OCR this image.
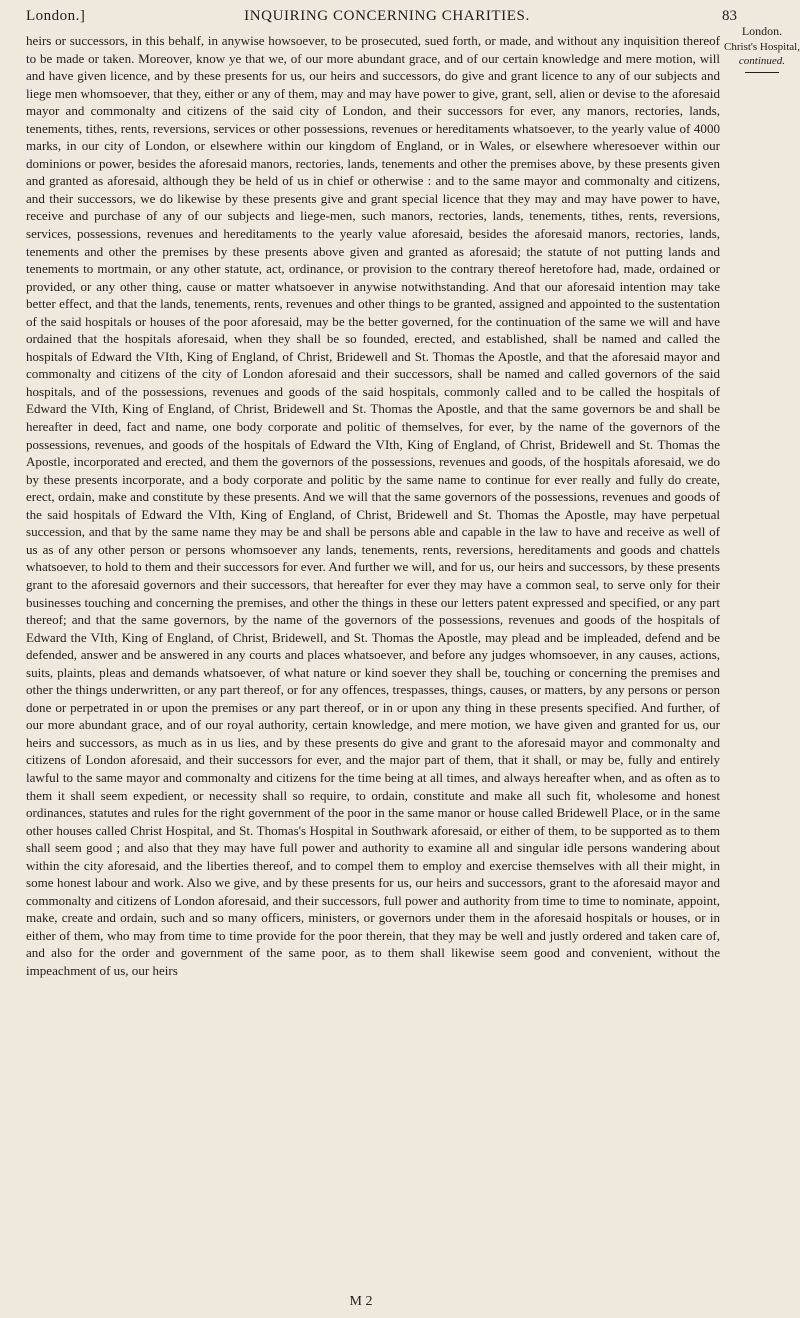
London.]	INQUIRING CONCERNING CHARITIES.	83
London.
Christ's Hospital,
continued.

heirs or successors, in this behalf, in anywise howsoever, to be prosecuted, sued forth, or made, and without any inquisition thereof to be made or taken. Moreover, know ye that we, of our more abundant grace, and of our certain knowledge and mere motion, will and have given licence, and by these presents for us, our heirs and successors, do give and grant licence to any of our subjects and liege men whomsoever, that they, either or any of them, may and may have power to give, grant, sell, alien or devise to the aforesaid mayor and commonalty and citizens of the said city of London, and their successors for ever, any manors, rectories, lands, tenements, tithes, rents, reversions, services or other possessions, revenues or hereditaments whatsoever, to the yearly value of 4000 marks, in our city of London, or elsewhere within our kingdom of England, or in Wales, or elsewhere wheresoever within our dominions or power, besides the aforesaid manors, rectories, lands, tenements and other the premises above, by these presents given and granted as aforesaid, although they be held of us in chief or otherwise : and to the same mayor and commonalty and citizens, and their successors, we do likewise by these presents give and grant special licence that they may and may have power to have, receive and purchase of any of our subjects and liege-men, such manors, rectories, lands, tenements, tithes, rents, reversions, services, possessions, revenues and hereditaments to the yearly value aforesaid, besides the aforesaid manors, rectories, lands, tenements and other the premises by these presents above given and granted as aforesaid; the statute of not putting lands and tenements to mortmain, or any other statute, act, ordinance, or provision to the contrary thereof heretofore had, made, ordained or provided, or any other thing, cause or matter whatsoever in anywise notwithstanding. And that our aforesaid intention may take better effect, and that the lands, tenements, rents, revenues and other things to be granted, assigned and appointed to the sustentation of the said hospitals or houses of the poor aforesaid, may be the better governed, for the continuation of the same we will and have ordained that the hospitals aforesaid, when they shall be so founded, erected, and established, shall be named and called the hospitals of Edward the VIth, King of England, of Christ, Bridewell and St. Thomas the Apostle, and that the aforesaid mayor and commonalty and citizens of the city of London aforesaid and their successors, shall be named and called governors of the said hospitals, and of the possessions, revenues and goods of the said hospitals, commonly called and to be called the hospitals of Edward the VIth, King of England, of Christ, Bridewell and St. Thomas the Apostle, and that the same governors be and shall be hereafter in deed, fact and name, one body corporate and politic of themselves, for ever, by the name of the governors of the possessions, revenues, and goods of the hospitals of Edward the VIth, King of England, of Christ, Bridewell and St. Thomas the Apostle, incorporated and erected, and them the governors of the possessions, revenues and goods, of the hospitals aforesaid, we do by these presents incorporate, and a body corporate and politic by the same name to continue for ever really and fully do create, erect, ordain, make and constitute by these presents. And we will that the same governors of the possessions, revenues and goods of the said hospitals of Edward the VIth, King of England, of Christ, Bridewell and St. Thomas the Apostle, may have perpetual succession, and that by the same name they may be and shall be persons able and capable in the law to have and receive as well of us as of any other person or persons whomsoever any lands, tenements, rents, reversions, hereditaments and goods and chattels whatsoever, to hold to them and their successors for ever. And further we will, and for us, our heirs and successors, by these presents grant to the aforesaid governors and their successors, that hereafter for ever they may have a common seal, to serve only for their businesses touching and concerning the premises, and other the things in these our letters patent expressed and specified, or any part thereof; and that the same governors, by the name of the governors of the possessions, revenues and goods of the hospitals of Edward the VIth, King of England, of Christ, Bridewell, and St. Thomas the Apostle, may plead and be impleaded, defend and be defended, answer and be answered in any courts and places whatsoever, and before any judges whomsoever, in any causes, actions, suits, plaints, pleas and demands whatsoever, of what nature or kind soever they shall be, touching or concerning the premises and other the things underwritten, or any part thereof, or for any offences, trespasses, things, causes, or matters, by any persons or person done or perpetrated in or upon the premises or any part thereof, or in or upon any thing in these presents specified. And further, of our more abundant grace, and of our royal authority, certain knowledge, and mere motion, we have given and granted for us, our heirs and successors, as much as in us lies, and by these presents do give and grant to the aforesaid mayor and commonalty and citizens of London aforesaid, and their successors for ever, and the major part of them, that it shall, or may be, fully and entirely lawful to the same mayor and commonalty and citizens for the time being at all times, and always hereafter when, and as often as to them it shall seem expedient, or necessity shall so require, to ordain, constitute and make all such fit, wholesome and honest ordinances, statutes and rules for the right government of the poor in the same manor or house called Bridewell Place, or in the same other houses called Christ Hospital, and St. Thomas's Hospital in Southwark aforesaid, or either of them, to be supported as to them shall seem good ; and also that they may have full power and authority to examine all and singular idle persons wandering about within the city aforesaid, and the liberties thereof, and to compel them to employ and exercise themselves with all their might, in some honest labour and work. Also we give, and by these presents for us, our heirs and successors, grant to the aforesaid mayor and commonalty and citizens of London aforesaid, and their successors, full power and authority from time to time to nominate, appoint, make, create and ordain, such and so many officers, ministers, or governors under them in the aforesaid hospitals or houses, or in either of them, who may from time to time provide for the poor therein, that they may be well and justly ordered and taken care of, and also for the order and government of the same poor, as to them shall likewise seem good and convenient, without the impeachment of us, our heirs

M 2
